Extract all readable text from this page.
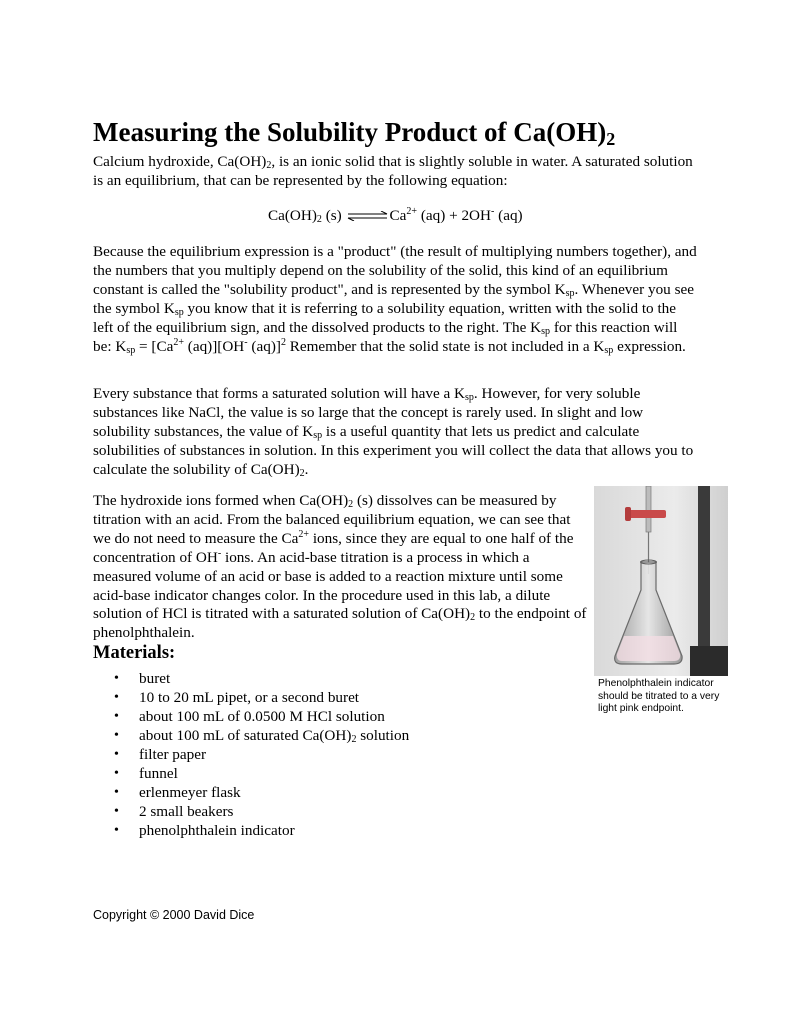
Measuring the Solubility Product of $Ca(OH)_2$

Calcium hydroxide, $Ca(OH)_2$, is an ionic solid that is slightly soluble in water. A saturated solution is an equilibrium, that can be represented by the following equation:

$Ca(OH)_2$ (s) $\rightleftharpoons Ca^{2+}$ (aq) + 2OH- (aq)

Because the equilibrium expression is a "product" (the result of multiplying numbers together), and the numbers that you multiply depend on the solubility of the solid, this kind of an equilibrium constant is called the "solubility product", and is represented by the symbol $K_{sp}$. Whenever you see the symbol $K_{sp}$ you know that it is referring to a solubility equation, written with the solid to the left of the equilibrium sign, and the dissolved products to the right. The $K_{sp}$ for this reaction will be: $K_{sp} = [Ca^{2+}$ (aq)][OH- (aq)]$^2$ Remember that the solid state is not included in a $K_{sp}$ expression.

Every substance that forms a saturated solution will have a $K_{sp}$. However, for very soluble substances like NaCl, the value is so large that the concept is rarely used. In slight and low solubility substances, the value of $K_{sp}$ is a useful quantity that lets us predict and calculate solubilities of substances in solution. In this experiment you will collect the data that allows you to calculate the solubility of $Ca(OH)_2$.

The hydroxide ions formed when $Ca(OH)_2$ (s) dissolves can be measured by titration with an acid. From the balanced equilibrium equation, we can see that we do not need to measure the $Ca^{2+}$ ions, since they are equal to one half of the concentration of OH- ions. An acid-base titration is a process in which a measured volume of an acid or base is added to a reaction mixture until some acid-base indicator changes color. In the procedure used in this lab, a dilute solution of HCl is titrated with a saturated solution of $Ca(OH)_2$ to the endpoint of phenolphthalein.

Phenolphthalein indicator should be titrated to a very light pink endpoint.

Materials:
• buret
• 10 to 20 mL pipet, or a second buret
• about 100 mL of 0.0500 M HCl solution
• about 100 mL of saturated $Ca(OH)_2$ solution
• filter paper
• funnel
• erlenmeyer flask
• 2 small beakers
• phenolphthalein indicator

Copyright © 2000 David Dice
